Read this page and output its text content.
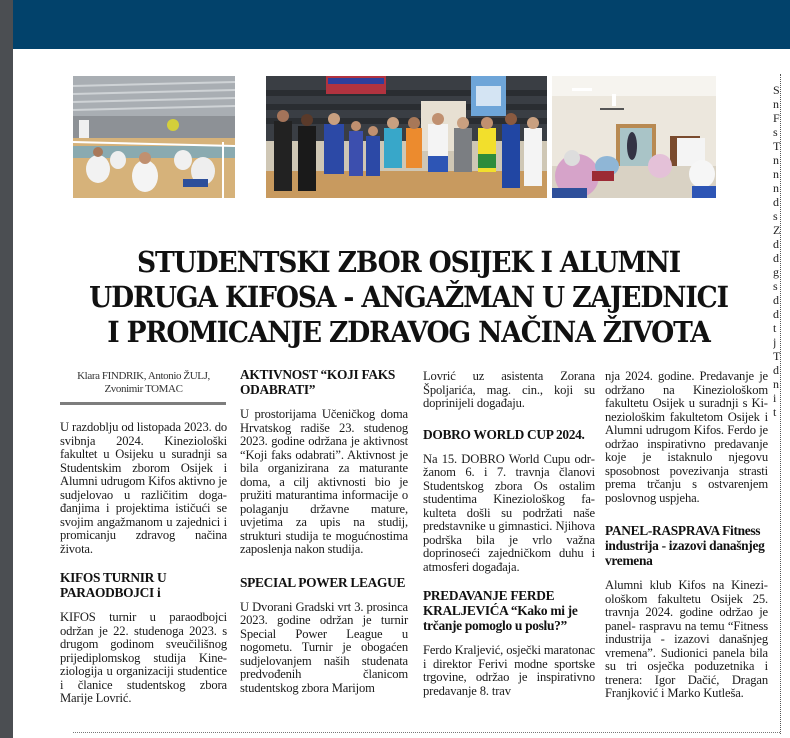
STUDENTSKI ZBOR OSIJEK I ALUMNI
UDRUGA KIFOSA - ANGAŽMAN U ZAJEDNICI
I PROMICANJE ZDRAVOG NAČINA ŽIVOTA
Klara FINDRIK, Antonio ŽULJ,
Zvonimir TOMAC

U razdoblju od listopada 2023. do svibnja 2024. Kineziološki fakultet u Osijeku u suradnji sa Studentskim zborom Osijek i Alumni udrugom Kifos aktivno je sudjelovao u različitim događanjima i projektima ističući se svojim angažmanom u zajednici i promicanju zdravog načina života.

KIFOS TURNIR U PARAODBOJCI i

KIFOS turnir u paraodbojci održan je 22. studenoga 2023. s drugom godinom sveučilišnog prijediplomskog studija Kineziologija u organizaciji studentice i članice studentskog zbora Marije Lovrić.

AKTIVNOST “KOJI FAKS ODABRATI”

U prostorijama Učeničkog doma Hrvatskog radiše 23. studenog 2023. godine održana je aktivnost “Koji faks odabrati”. Aktivnost je bila organizirana za maturante doma, a cilj aktivnosti bio je pružiti maturantima informacije o polaganju državne mature, uvjetima za upis na studij, strukturi studija te mogućnostima zaposlenja nakon studija.

SPECIAL POWER LEAGUE

U Dvorani Gradski vrt 3. prosinca 2023. godine održan je turnir Special Power League u nogometu. Turnir je obogaćen sudjelovanjem naših studenata predvođenih članicom studentskog zbora Marijom

Lovrić uz asistenta Zorana Špoljarića, mag. cin., koji su doprinijeli događaju.

DOBRO WORLD CUP 2024.

Na 15. DOBRO World Cupu održanom 6. i 7. travnja članovi Studentskog zbora Os ostalim studentima Kineziološkog fakulteta došli su podržati naše predstavnike u gimnastici. Njihova podrška bila je vrlo važna doprinoseći zajedničkom duhu i atmosferi događaja.

PREDAVANJE FERDE KRALJEVIĆA “Kako mi je trčanje pomoglo u poslu?”

Ferdo Kraljević, osječki maratonac i direktor Ferivi modne sportske trgovine, održao je inspirativno predavanje 8. trav

nja 2024. godine. Predavanje je održano na Kineziološkom fakultetu Osijek u suradnji s Kineziološkim fakultetom Osijek i Alumni udrugom Kifos. Ferdo je održao inspirativno predavanje koje je istaknulo njegovu sposobnost povezivanja strasti prema trčanju s ostvarenjem poslovnog uspjeha.

PANEL-RASPRAVA Fitness industrija - izazovi današnjeg vremena

Alumni klub Kifos na Kineziološkom fakultetu Osijek 25. travnja 2024. godine održao je panel- raspravu na temu “Fitness industrija - izazovi današnjeg vremena”. Sudionici panela bila su tri osječka poduzetnika i trenera: Igor Dačić, Dragan Franjković i Marko Kutleša.

S
n
F
s
T
n
n
n
d
s
Z
d
d
g
s
d
d
t
j
T
d
n
i
t
